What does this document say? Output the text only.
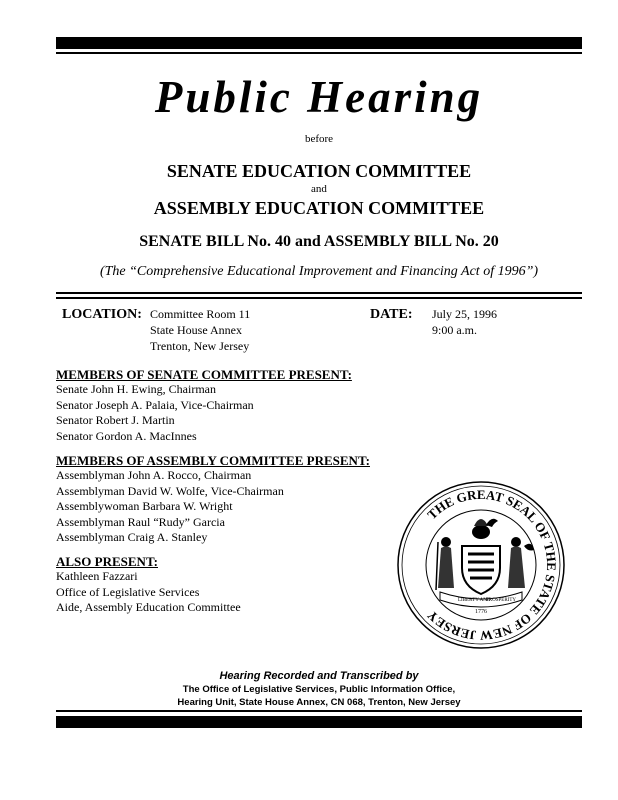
Public Hearing
before
SENATE EDUCATION COMMITTEE
and
ASSEMBLY EDUCATION COMMITTEE
SENATE BILL No. 40 and ASSEMBLY BILL No. 20
(The “Comprehensive Educational Improvement and Financing Act of 1996”)
LOCATION: Committee Room 11
State House Annex
Trenton, New Jersey
DATE: July 25, 1996
9:00 a.m.
MEMBERS OF SENATE COMMITTEE PRESENT:
Senate John H. Ewing, Chairman
Senator Joseph A. Palaia, Vice-Chairman
Senator Robert J. Martin
Senator Gordon A. MacInnes
MEMBERS OF ASSEMBLY COMMITTEE PRESENT:
Assemblyman John A. Rocco, Chairman
Assemblyman David W. Wolfe, Vice-Chairman
Assemblywoman Barbara W. Wright
Assemblyman Raul “Rudy” Garcia
Assemblyman Craig A. Stanley
ALSO PRESENT:
Kathleen Fazzari
Office of Legislative Services
Aide, Assembly Education Committee
THE GREAT SEAL OF THE STATE OF NEW JERSEY
LIBERTY AND
PROSPERITY
1776
Hearing Recorded and Transcribed by
The Office of Legislative Services, Public Information Office,
Hearing Unit, State House Annex, CN 068, Trenton, New Jersey
